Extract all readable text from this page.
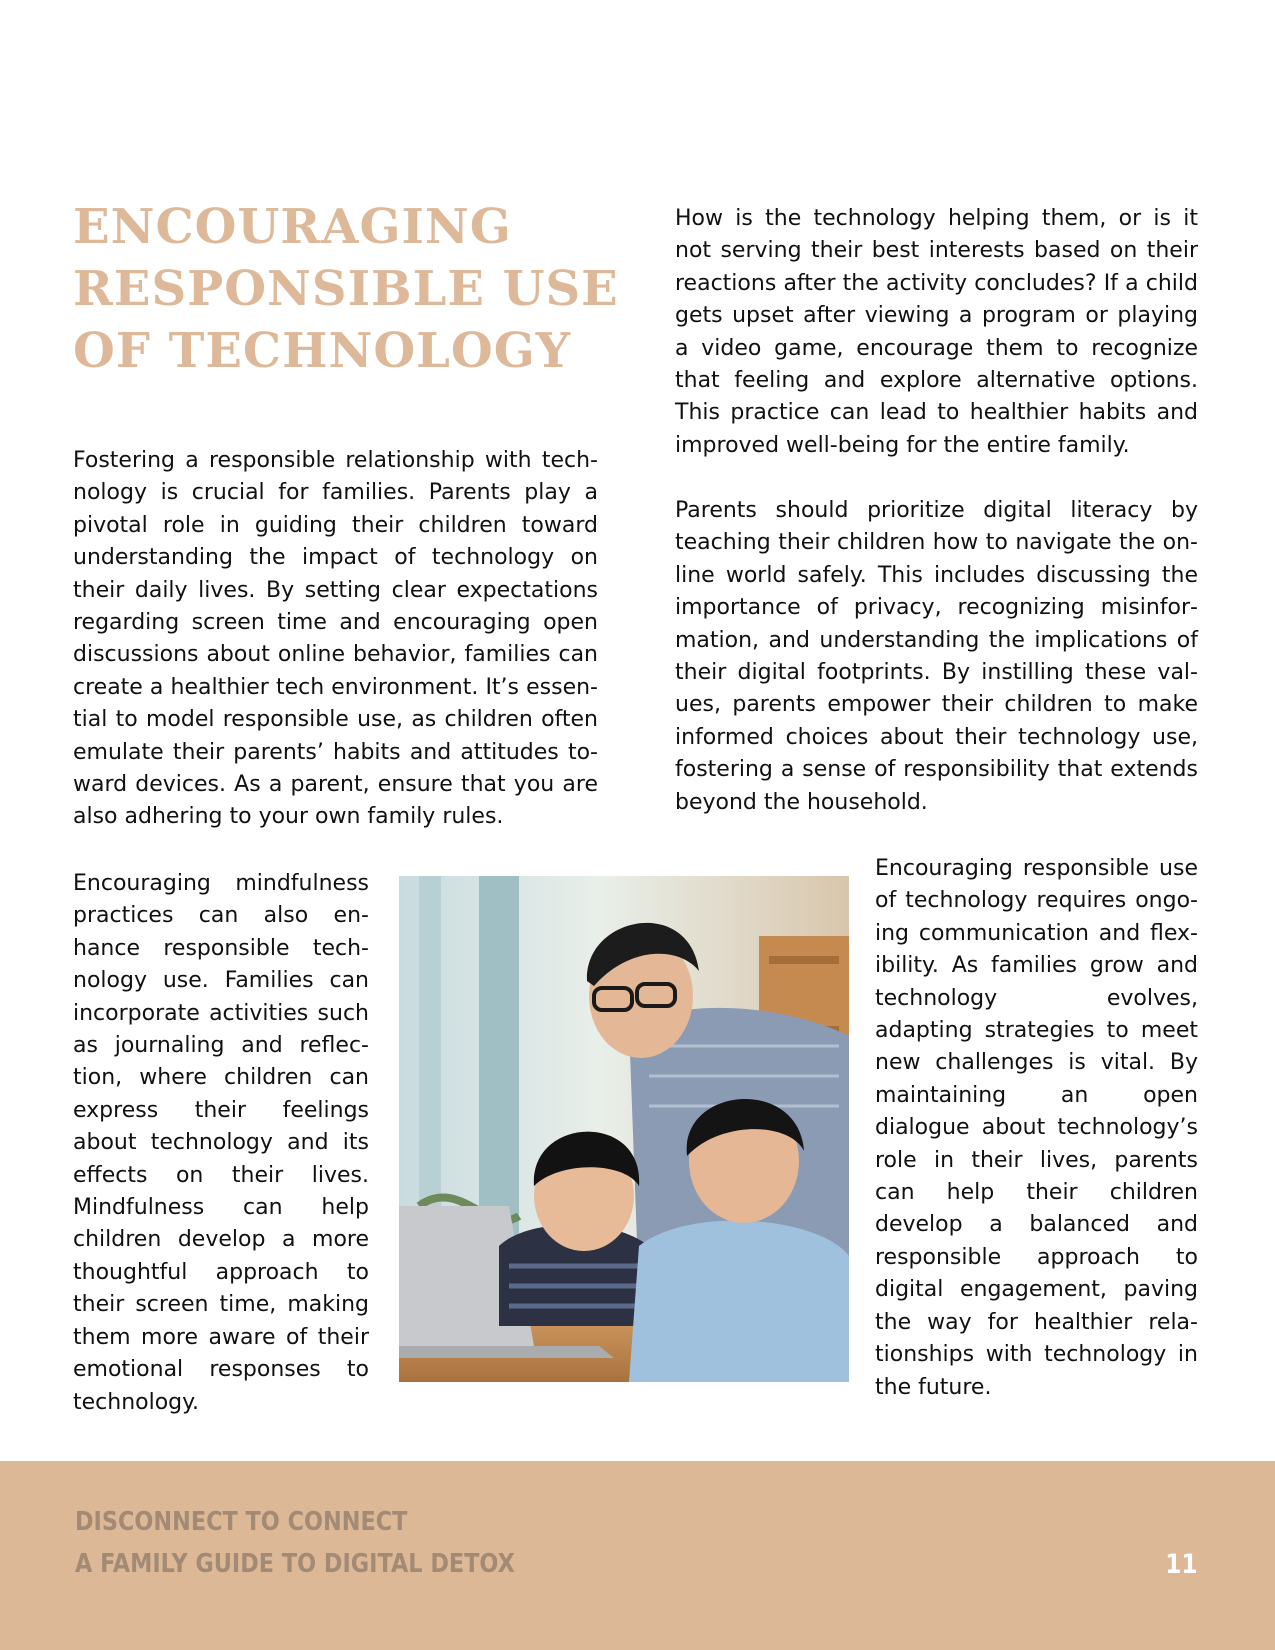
ENCOURAGING
RESPONSIBLE USE
OF TECHNOLOGY

Fostering a responsible relationship with technology is crucial for families. Parents play a pivotal role in guiding their children toward understanding the impact of technology on their daily lives. By setting clear expectations regarding screen time and encouraging open discussions about online behavior, families can create a healthier tech environment. It’s essential to model responsible use, as children often emulate their parents’ habits and attitudes toward devices. As a parent, ensure that you are also adhering to your own family rules.

How is the technology helping them, or is it not serving their best interests based on their reactions after the activity concludes? If a child gets upset after viewing a program or playing a video game, encourage them to recognize that feeling and explore alternative options. This practice can lead to healthier habits and improved well-being for the entire family.

Parents should prioritize digital literacy by teaching their children how to navigate the online world safely. This includes discussing the importance of privacy, recognizing misinformation, and understanding the implications of their digital footprints. By instilling these values, parents empower their children to make informed choices about their technology use, fostering a sense of responsibility that extends beyond the household.

Encouraging mindfulness practices can also enhance responsible technology use. Families can incorporate activities such as journaling and reflection, where children can express their feelings about technology and its effects on their lives. Mindfulness can help children develop a more thoughtful approach to their screen time, making them more aware of their emotional responses to technology.

Encouraging responsible use of technology requires ongoing communication and flexibility. As families grow and technology evolves, adapting strategies to meet new challenges is vital. By maintaining an open dialogue about technology’s role in their lives, parents can help their children develop a balanced and responsible approach to digital engagement, paving the way for healthier relationships with technology in the future.

DISCONNECT TO CONNECT
A FAMILY GUIDE TO DIGITAL DETOX	11
